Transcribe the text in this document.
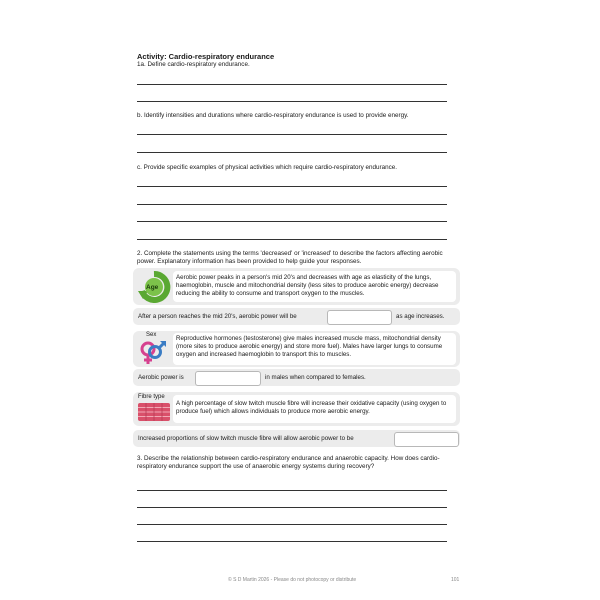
Activity: Cardio-respiratory endurance
1a. Define cardio-respiratory endurance.
b. Identify intensities and durations where cardio-respiratory endurance is used to provide energy.
c. Provide specific examples of physical activities which require cardio-respiratory endurance.
2. Complete the statements using the terms 'decreased' or 'increased' to describe the factors affecting aerobic power. Explanatory information has been provided to help guide your responses.
Age
Aerobic power peaks in a person's mid 20's and decreases with age as elasticity of the lungs, haemoglobin, muscle and mitochondrial density (less sites to produce aerobic energy) decrease reducing the ability to consume and transport oxygen to the muscles.
After a person reaches the mid 20's, aerobic power will be	as age increases.
Sex	Reproductive hormones (testosterone) give males increased muscle mass, mitochondrial density (more sites to produce aerobic energy) and store more fuel). Males have larger lungs to consume oxygen and increased haemoglobin to transport this to muscles.
Aerobic power is	in males when compared to females.
Fibre type
A high percentage of slow twitch muscle fibre will increase their oxidative capacity (using oxygen to produce fuel) which allows individuals to produce more aerobic energy.
Increased proportions of slow twitch muscle fibre will allow aerobic power to be
3. Describe the relationship between cardio-respiratory endurance and anaerobic capacity. How does cardio-respiratory endurance support the use of anaerobic energy systems during recovery?
© S D Martin 2026 - Please do not photocopy or distribute	101
